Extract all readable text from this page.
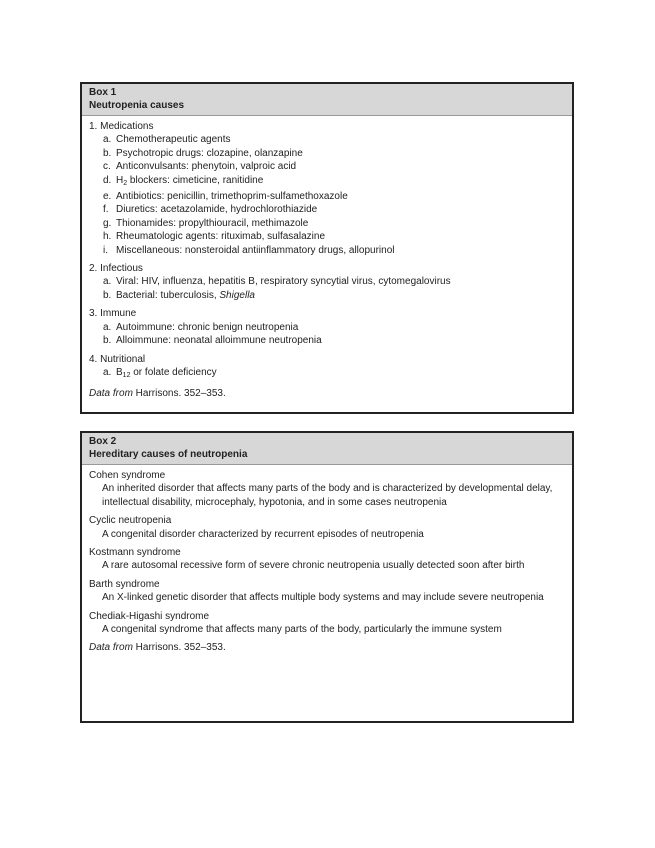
Box 1
Neutropenia causes
1. Medications
a. Chemotherapeutic agents
b. Psychotropic drugs: clozapine, olanzapine
c. Anticonvulsants: phenytoin, valproic acid
d. $H_2$ blockers: cimeticine, ranitidine
e. Antibiotics: penicillin, trimethoprim-sulfamethoxazole
f. Diuretics: acetazolamide, hydrochlorothiazide
g. Thionamides: propylthiouracil, methimazole
h. Rheumatologic agents: rituximab, sulfasalazine
i. Miscellaneous: nonsteroidal antiinflammatory drugs, allopurinol
2. Infectious
a. Viral: HIV, influenza, hepatitis B, respiratory syncytial virus, cytomegalovirus
b. Bacterial: tuberculosis, Shigella
3. Immune
a. Autoimmune: chronic benign neutropenia
b. Alloimmune: neonatal alloimmune neutropenia
4. Nutritional
a. $B_{12}$ or folate deficiency
Data from Harrisons. 352–353.
Box 2
Hereditary causes of neutropenia
Cohen syndrome
An inherited disorder that affects many parts of the body and is characterized by developmental delay, intellectual disability, microcephaly, hypotonia, and in some cases neutropenia
Cyclic neutropenia
A congenital disorder characterized by recurrent episodes of neutropenia
Kostmann syndrome
A rare autosomal recessive form of severe chronic neutropenia usually detected soon after birth
Barth syndrome
An X-linked genetic disorder that affects multiple body systems and may include severe neutropenia
Chediak-Higashi syndrome
A congenital syndrome that affects many parts of the body, particularly the immune system
Data from Harrisons. 352–353.
